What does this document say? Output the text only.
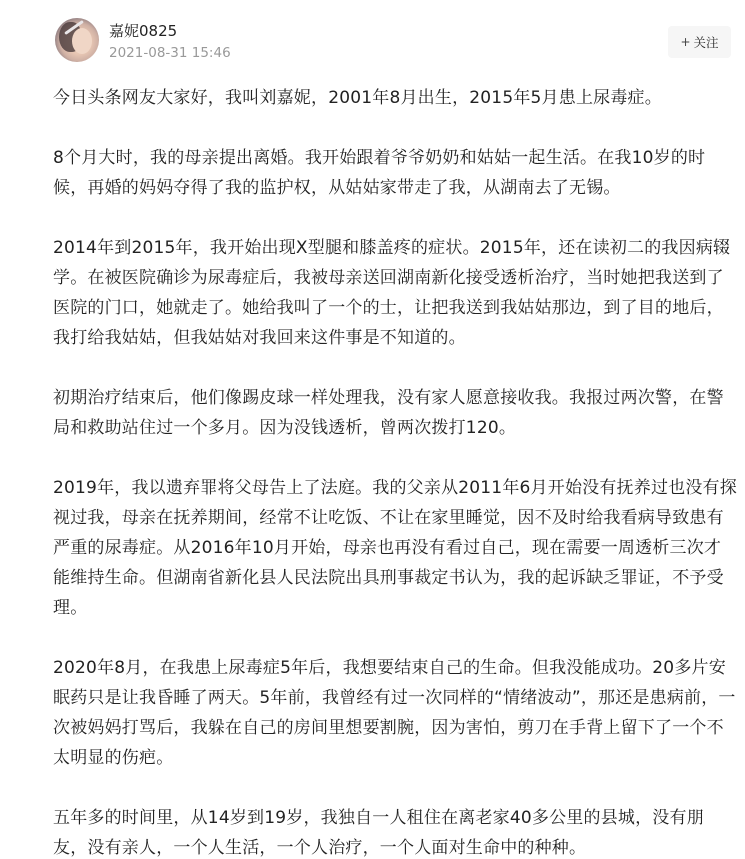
嘉妮0825
2021-08-31 15:46
+ 关注

今日头条网友大家好，我叫刘嘉妮，2001年8月出生，2015年5月患上尿毒症。

8个月大时，我的母亲提出离婚。我开始跟着爷爷奶奶和姑姑一起生活。在我10岁的时候，再婚的妈妈夺得了我的监护权，从姑姑家带走了我，从湖南去了无锡。

2014年到2015年，我开始出现X型腿和膝盖疼的症状。2015年，还在读初二的我因病辍学。在被医院确诊为尿毒症后，我被母亲送回湖南新化接受透析治疗，当时她把我送到了医院的门口，她就走了。她给我叫了一个的士，让把我送到我姑姑那边，到了目的地后，我打给我姑姑，但我姑姑对我回来这件事是不知道的。

初期治疗结束后，他们像踢皮球一样处理我，没有家人愿意接收我。我报过两次警，在警局和救助站住过一个多月。因为没钱透析，曾两次拨打120。

2019年，我以遗弃罪将父母告上了法庭。我的父亲从2011年6月开始没有抚养过也没有探视过我，母亲在抚养期间，经常不让吃饭、不让在家里睡觉，因不及时给我看病导致患有严重的尿毒症。从2016年10月开始，母亲也再没有看过自己，现在需要一周透析三次才能维持生命。但湖南省新化县人民法院出具刑事裁定书认为，我的起诉缺乏罪证，不予受理。

2020年8月，在我患上尿毒症5年后，我想要结束自己的生命。但我没能成功。20多片安眠药只是让我昏睡了两天。5年前，我曾经有过一次同样的“情绪波动”，那还是患病前，一次被妈妈打骂后，我躲在自己的房间里想要割腕，因为害怕，剪刀在手背上留下了一个不太明显的伤疤。

五年多的时间里，从14岁到19岁，我独自一人租住在离老家40多公里的县城，没有朋友，没有亲人，一个人生活，一个人治疗，一个人面对生命中的种种。
